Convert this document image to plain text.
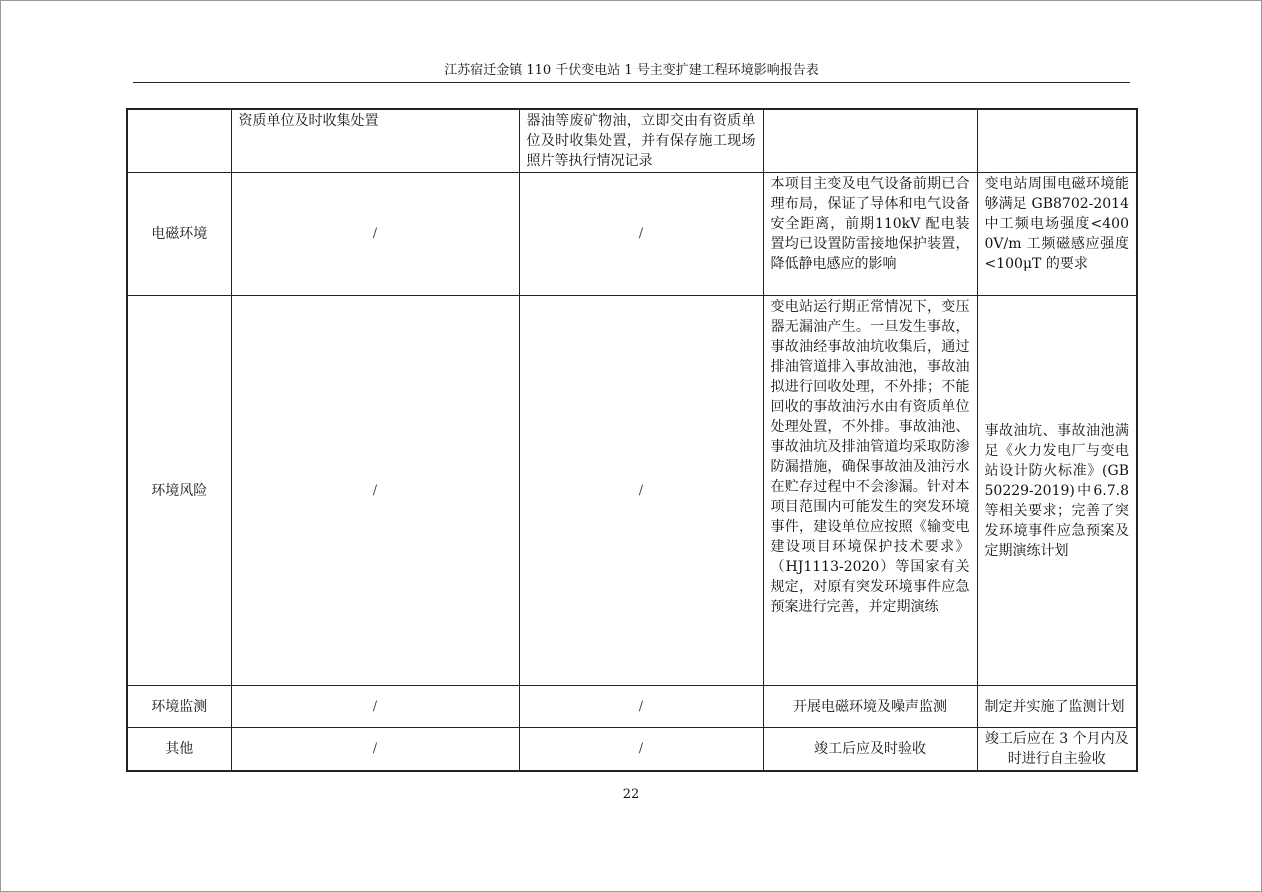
江苏宿迁金镇 110 千伏变电站 1 号主变扩建工程环境影响报告表
	资质单位及时收集处置	器油等废矿物油，立即交由有资质单位及时收集处置，并有保存施工现场照片等执行情况记录		
电磁环境	/	/	本项目主变及电气设备前期已合理布局，保证了导体和电气设备安全距离，前期110kV 配电装置均已设置防雷接地保护装置，降低静电感应的影响	变电站周围电磁环境能够满足 GB8702-2014 中工频电场强度<4000V/m 工频磁感应强度<100μT 的要求
环境风险	/	/	变电站运行期正常情况下，变压器无漏油产生。一旦发生事故，事故油经事故油坑收集后，通过排油管道排入事故油池，事故油拟进行回收处理，不外排；不能回收的事故油污水由有资质单位处理处置，不外排。事故油池、事故油坑及排油管道均采取防渗防漏措施，确保事故油及油污水在贮存过程中不会渗漏。针对本项目范围内可能发生的突发环境事件，建设单位应按照《输变电建设项目环境保护技术要求》（HJ1113-2020）等国家有关规定，对原有突发环境事件应急预案进行完善，并定期演练	事故油坑、事故油池满足《火力发电厂与变电站设计防火标准》(GB50229-2019)中6.7.8等相关要求；完善了突发环境事件应急预案及定期演练计划
环境监测	/	/	开展电磁环境及噪声监测	制定并实施了监测计划
其他	/	/	竣工后应及时验收	竣工后应在 3 个月内及时进行自主验收
22
